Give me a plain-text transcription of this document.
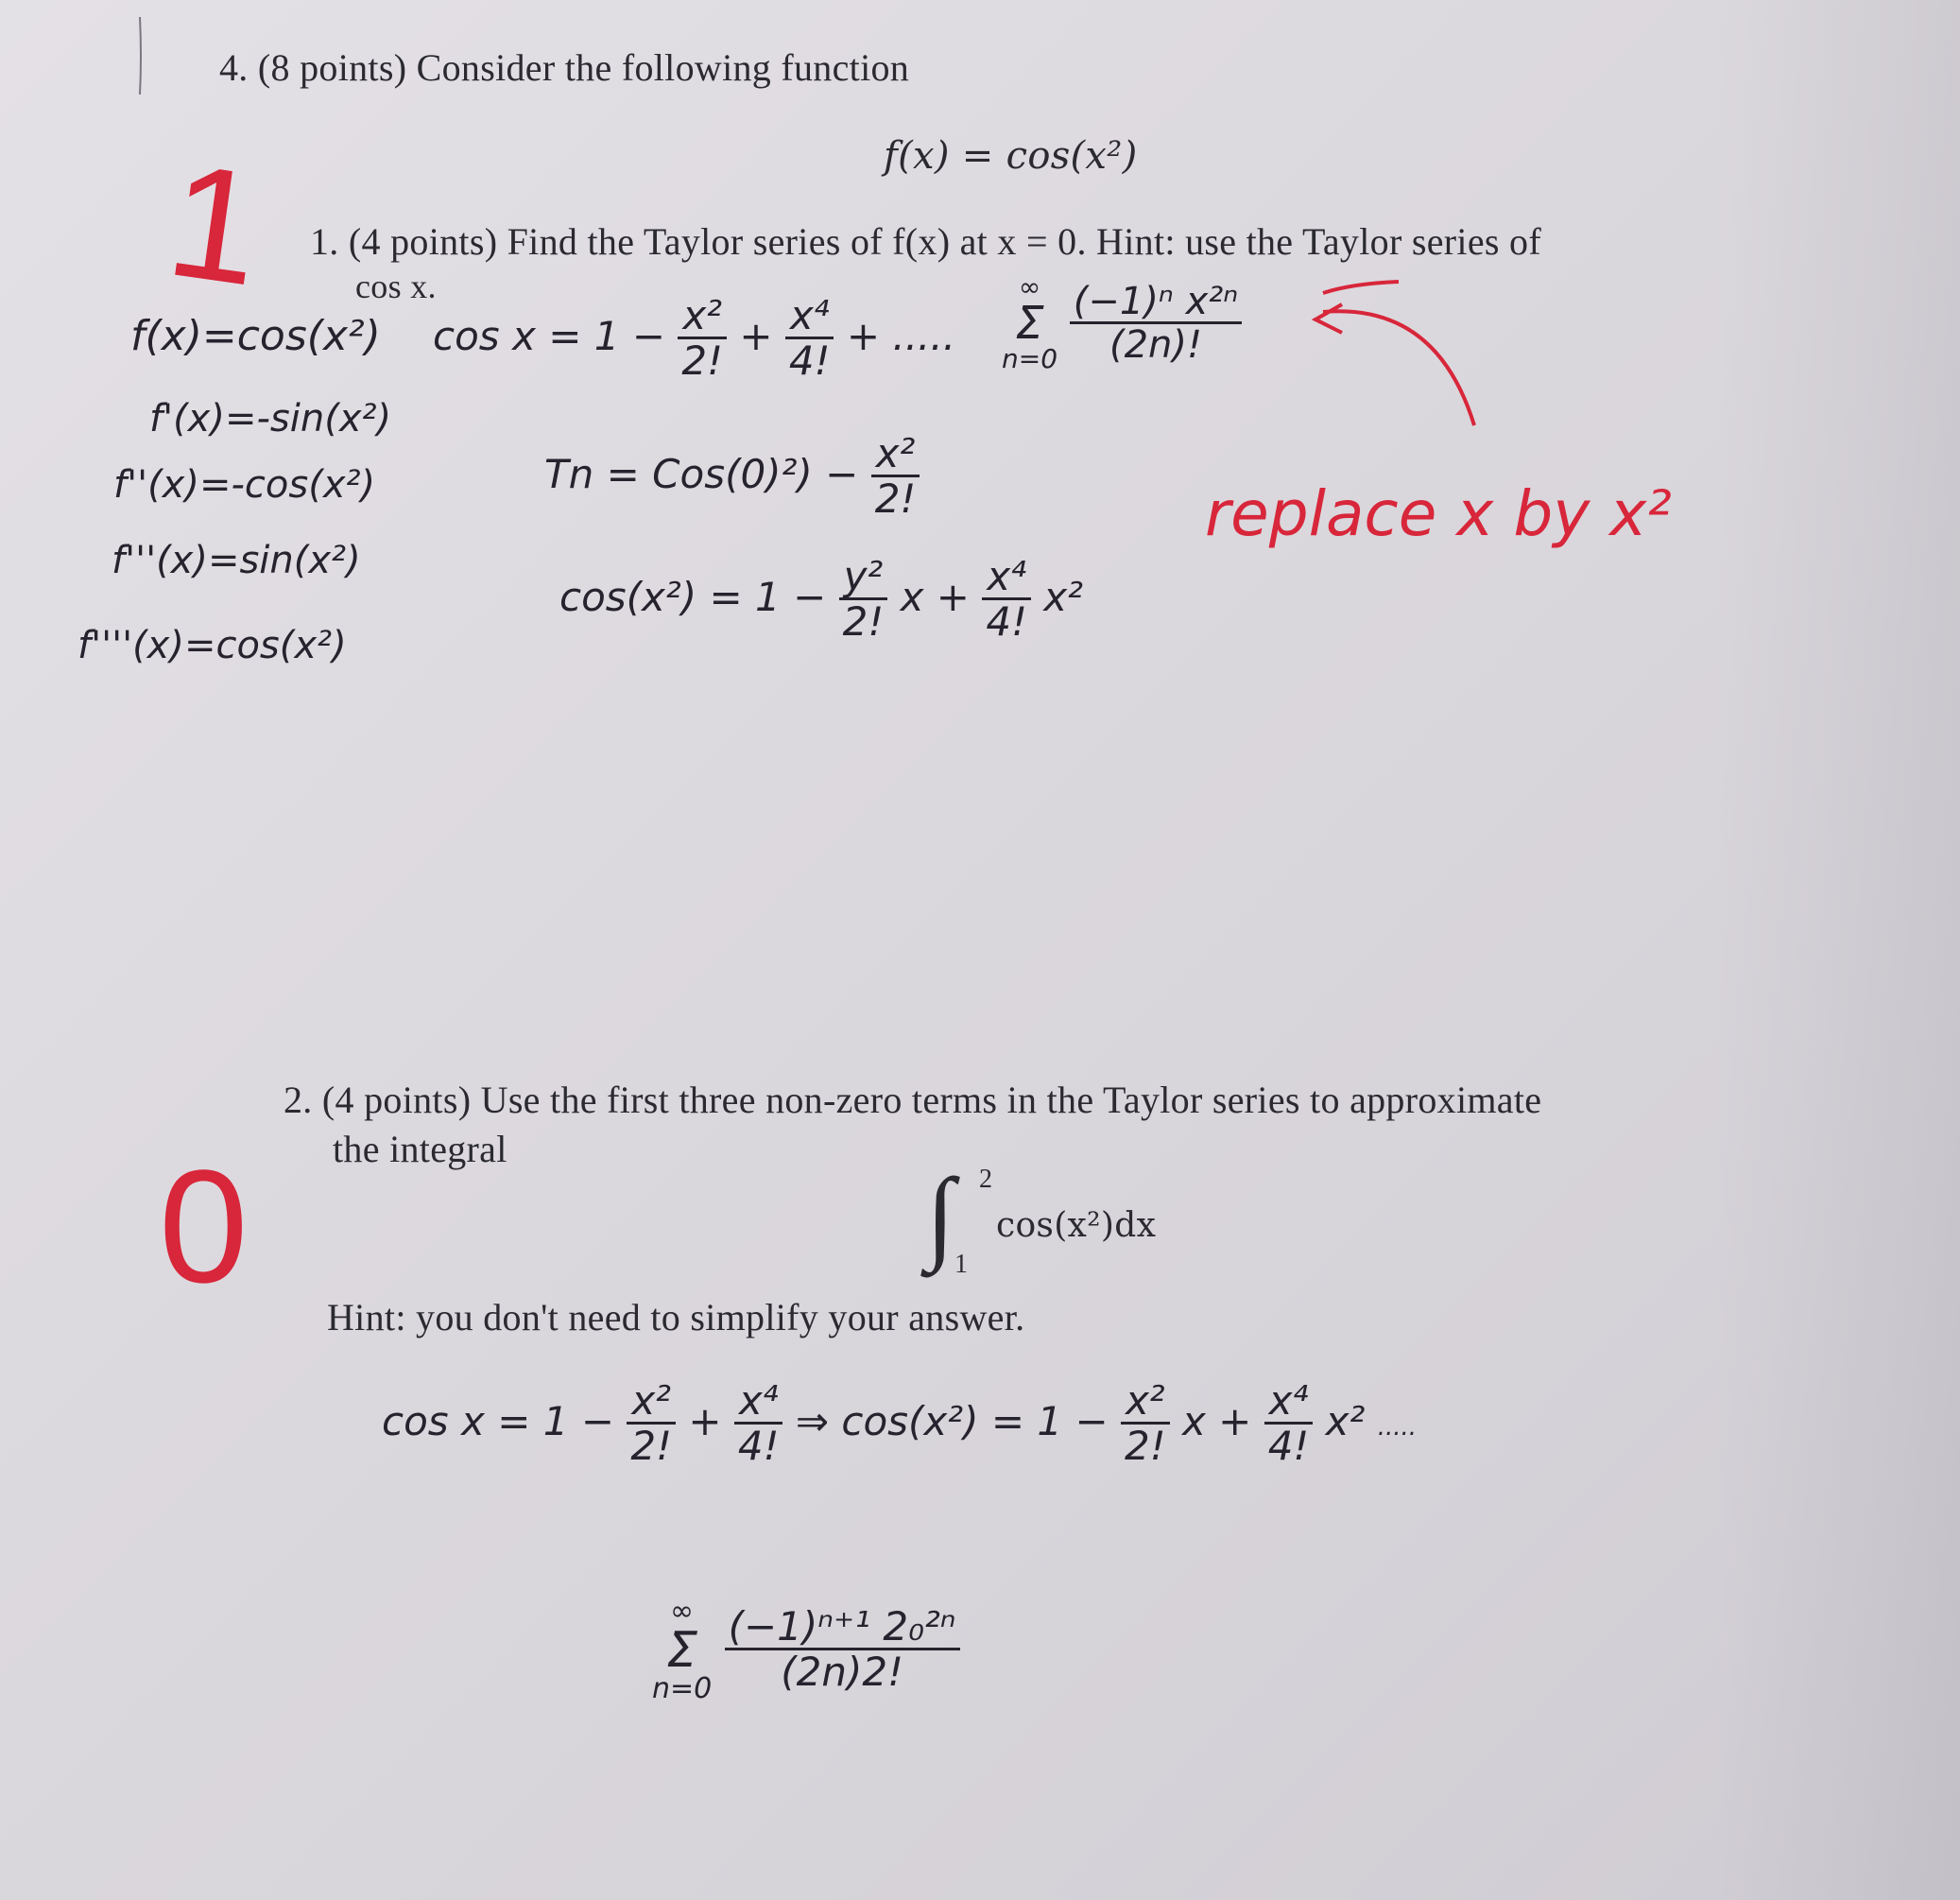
4. (8 points) Consider the following function
f(x) = cos(x²)
1. (4 points) Find the Taylor series of f(x) at x = 0. Hint: use the Taylor series of
cos x.
2. (4 points) Use the first three non-zero terms in the Taylor series to approximate
the integral
∫ 2
1
cos(x²)dx
Hint: you don't need to simplify your answer.
f(x)=cos(x²)
f'(x)=-sin(x²)
f''(x)=-cos(x²)
f'''(x)=sin(x²)
f''''(x)=cos(x²)
$\cos x = 1 - \frac{\text{x²}}{2!} + \frac{\text{x⁴}}{4!}$ + .....
∞
Σ
n=0
$\frac{\text{(−1)ⁿ x²ⁿ}}{(2n)!}$
$Tn = Cos(0)^2) - \frac{\text{x²}}{2!}$
$\cos(x^2) = 1 - \frac{\text{y²}}{2!}$ $x + \frac{\text{x⁴}}{4!} x^2$
$\cos x = 1 - \frac{\text{x²}}{2!} + \frac{\text{x⁴}}{4!}$ ⇒ $\cos(x^2) = 1 - \frac{\text{x²}}{2!}$ $x + \frac{\text{x⁴}}{4!} x^2$ .....
∞
Σ
n=0
$\frac{\text{(−1)ⁿ⁺¹ 2₀²ⁿ}}{(2n)2!}$
1
0
replace x by x²
